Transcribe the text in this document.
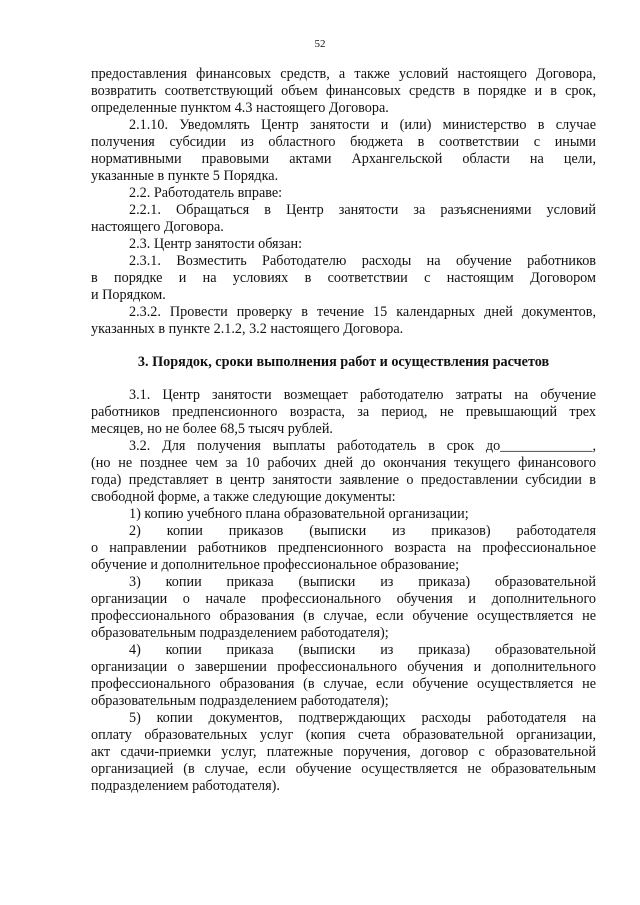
52
предоставления финансовых средств, а также условий настоящего Договора,
возвратить соответствующий объем финансовых средств в порядке и в срок,
определенные пунктом 4.3 настоящего Договора.
2.1.10. Уведомлять Центр занятости и (или) министерство в случае
получения субсидии из областного бюджета в соответствии с иными
нормативными правовыми актами Архангельской области на цели,
указанные в пункте 5 Порядка.
2.2. Работодатель вправе:
2.2.1. Обращаться в Центр занятости за разъяснениями условий
настоящего Договора.
2.3. Центр занятости обязан:
2.3.1. Возместить Работодателю расходы на обучение работников
в порядке и на условиях в соответствии с настоящим Договором
и Порядком.
2.3.2. Провести проверку в течение 15 календарных дней документов,
указанных в пункте 2.1.2, 3.2 настоящего Договора.
3. Порядок, сроки выполнения работ и осуществления расчетов
3.1. Центр занятости возмещает работодателю затраты на обучение
работников предпенсионного возраста, за период, не превышающий трех
месяцев, но не более 68,5 тысяч рублей.
3.2. Для получения выплаты работодатель в срок до_____________,
(но не позднее чем за 10 рабочих дней до окончания текущего финансового
года) представляет в центр занятости заявление о предоставлении субсидии в
свободной форме, а также следующие документы:
1) копию учебного плана образовательной организации;
2) копии приказов (выписки из приказов) работодателя
о направлении работников предпенсионного возраста на профессиональное
обучение и дополнительное профессиональное образование;
3) копии приказа (выписки из приказа) образовательной
организации о начале профессионального обучения и дополнительного
профессионального образования (в случае, если обучение осуществляется не
образовательным подразделением работодателя);
4) копии приказа (выписки из приказа) образовательной
организации о завершении профессионального обучения и дополнительного
профессионального образования (в случае, если обучение осуществляется не
образовательным подразделением работодателя);
5) копии документов, подтверждающих расходы работодателя на
оплату образовательных услуг (копия счета образовательной организации,
акт сдачи-приемки услуг, платежные поручения, договор с образовательной
организацией (в случае, если обучение осуществляется не образовательным
подразделением работодателя).
